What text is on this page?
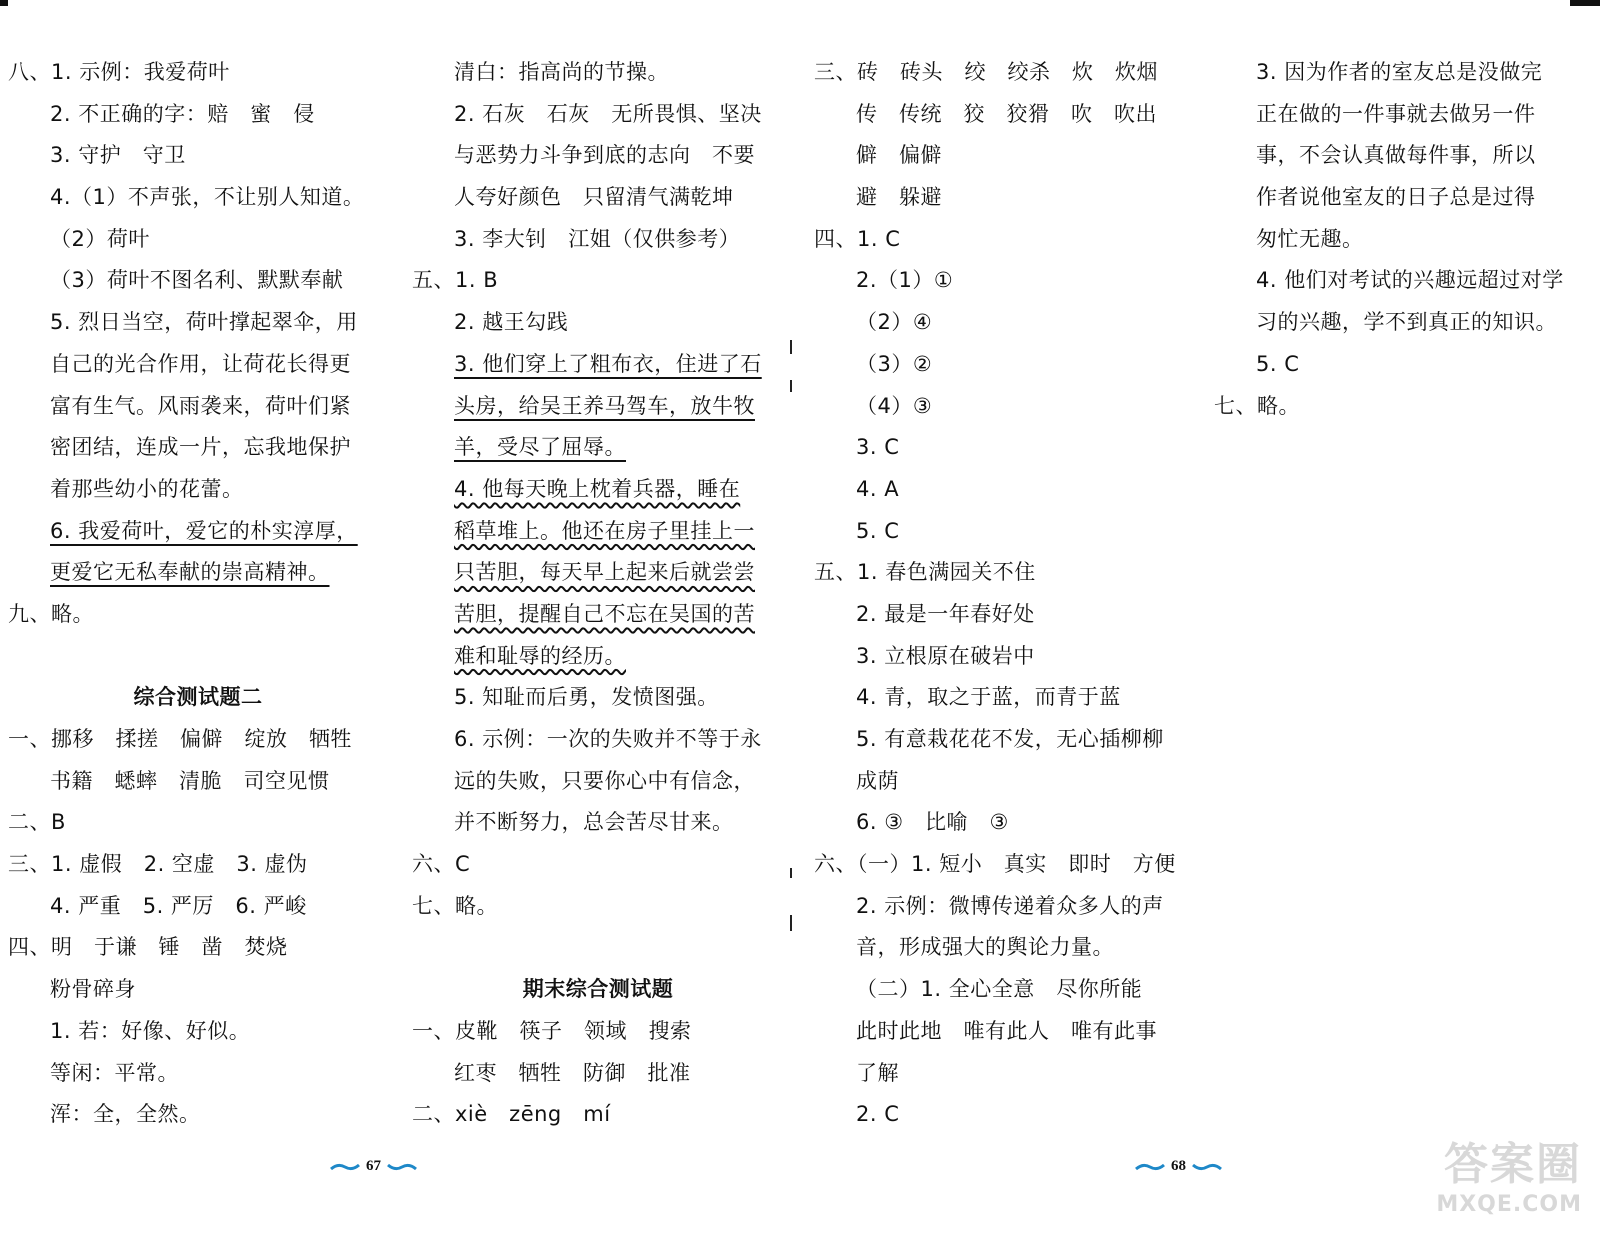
八、1. 示例：我爱荷叶
2. 不正确的字：赔　蜜　侵
3. 守护　守卫
4.（1）不声张，不让别人知道。
（2）荷叶
（3）荷叶不图名利、默默奉献
5. 烈日当空，荷叶撑起翠伞，用
自己的光合作用，让荷花长得更
富有生气。风雨袭来，荷叶们紧
密团结，连成一片，忘我地保护
着那些幼小的花蕾。
6. 我爱荷叶，爱它的朴实淳厚，
更爱它无私奉献的崇高精神。
九、略。
综合测试题二
一、挪移　揉搓　偏僻　绽放　牺牲
书籍　蟋蟀　清脆　司空见惯
二、B
三、1. 虚假　2. 空虚　3. 虚伪
4. 严重　5. 严厉　6. 严峻
四、明　于谦　锤　凿　焚烧
粉骨碎身
1. 若：好像、好似。
等闲：平常。
浑：全，全然。
清白：指高尚的节操。
2. 石灰　石灰　无所畏惧、坚决
与恶势力斗争到底的志向　不要
人夸好颜色　只留清气满乾坤
3. 李大钊　江姐（仅供参考）
五、1. B
2. 越王勾践
3. 他们穿上了粗布衣，住进了石
头房，给吴王养马驾车，放牛牧
羊，受尽了屈辱。
4. 他每天晚上枕着兵器，睡在
稻草堆上。他还在房子里挂上一
只苦胆，每天早上起来后就尝尝
苦胆，提醒自己不忘在吴国的苦
难和耻辱的经历。
5. 知耻而后勇，发愤图强。
6. 示例：一次的失败并不等于永
远的失败，只要你心中有信念，
并不断努力，总会苦尽甘来。
六、C
七、略。
期末综合测试题
一、皮靴　筷子　领域　搜索
红枣　牺牲　防御　批准
二、xiè　zēng　mí
三、砖　砖头　绞　绞杀　炊　炊烟
传　传统　狡　狡猾　吹　吹出
僻　偏僻
避　躲避
四、1. C
2.（1）①
（2）④
（3）②
（4）③
3. C
4. A
5. C
五、1. 春色满园关不住
2. 最是一年春好处
3. 立根原在破岩中
4. 青，取之于蓝，而青于蓝
5. 有意栽花花不发，无心插柳柳
成荫
6. ③　比喻　③
六、（一）1. 短小　真实　即时　方便
2. 示例：微博传递着众多人的声
音，形成强大的舆论力量。
（二）1. 全心全意　尽你所能
此时此地　唯有此人　唯有此事
了解
2. C
3. 因为作者的室友总是没做完
正在做的一件事就去做另一件
事，不会认真做每件事，所以
作者说他室友的日子总是过得
匆忙无趣。
4. 他们对考试的兴趣远超过对学
习的兴趣，学不到真正的知识。
5. C
七、略。
67	68	答案圈
MXQE.COM
